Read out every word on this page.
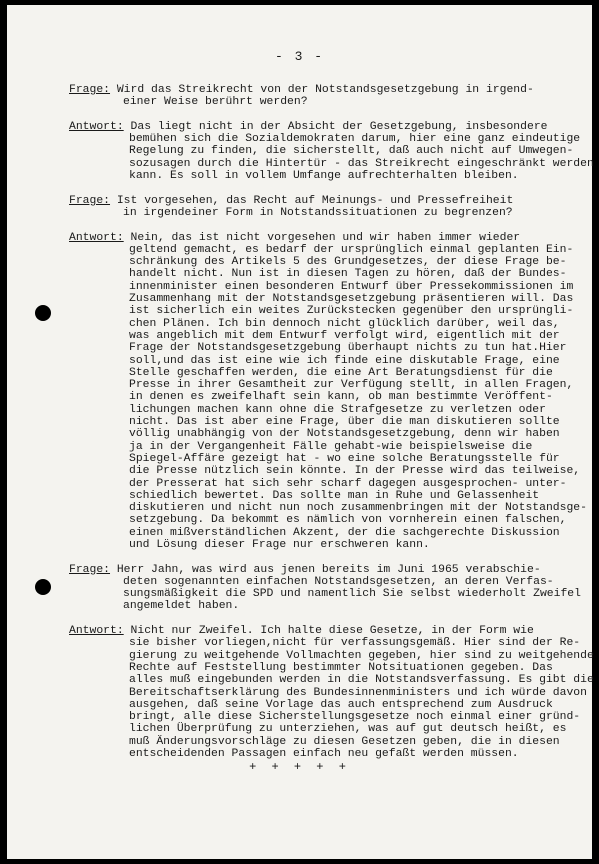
- 3 -
Frage: Wird das Streikrecht von der Notstandsgesetzgebung in irgend-
einer Weise berührt werden?
Antwort: Das liegt nicht in der Absicht der Gesetzgebung, insbesondere
bemühen sich die Sozialdemokraten darum, hier eine ganz eindeutige
Regelung zu finden, die sicherstellt, daß auch nicht auf Umwegen-
sozusagen durch die Hintertür - das Streikrecht eingeschränkt werden
kann. Es soll in vollem Umfange aufrechterhalten bleiben.
Frage: Ist vorgesehen, das Recht auf Meinungs- und Pressefreiheit
in irgendeiner Form in Notstandssituationen zu begrenzen?
Antwort: Nein, das ist nicht vorgesehen und wir haben immer wieder
geltend gemacht, es bedarf der ursprünglich einmal geplanten Ein-
schränkung des Artikels 5 des Grundgesetzes, der diese Frage be-
handelt nicht. Nun ist in diesen Tagen zu hören, daß der Bundes-
innenminister einen besonderen Entwurf über Pressekommissionen im
Zusammenhang mit der Notstandsgesetzgebung präsentieren will. Das
ist sicherlich ein weites Zurückstecken gegenüber den ursprüngli-
chen Plänen. Ich bin dennoch nicht glücklich darüber, weil das,
was angeblich mit dem Entwurf verfolgt wird, eigentlich mit der
Frage der Notstandsgesetzgebung überhaupt nichts zu tun hat.Hier
soll,und das ist eine wie ich finde eine diskutable Frage, eine
Stelle geschaffen werden, die eine Art Beratungsdienst für die
Presse in ihrer Gesamtheit zur Verfügung stellt, in allen Fragen,
in denen es zweifelhaft sein kann, ob man bestimmte Veröffent-
lichungen machen kann ohne die Strafgesetze zu verletzen oder
nicht. Das ist aber eine Frage, über die man diskutieren sollte
völlig unabhängig von der Notstandsgesetzgebung, denn wir haben
ja in der Vergangenheit Fälle gehabt-wie beispielsweise die
Spiegel-Affäre gezeigt hat - wo eine solche Beratungsstelle für
die Presse nützlich sein könnte. In der Presse wird das teilweise,
der Presserat hat sich sehr scharf dagegen ausgesprochen- unter-
schiedlich bewertet. Das sollte man in Ruhe und Gelassenheit
diskutieren und nicht nun noch zusammenbringen mit der Notstandsge-
setzgebung. Da bekommt es nämlich von vornherein einen falschen,
einen mißverständlichen Akzent, der die sachgerechte Diskussion
und Lösung dieser Frage nur erschweren kann.
Frage: Herr Jahn, was wird aus jenen bereits im Juni 1965 verabschie-
deten sogenannten einfachen Notstandsgesetzen, an deren Verfas-
sungsmäßigkeit die SPD und namentlich Sie selbst wiederholt Zweifel
angemeldet haben.
Antwort: Nicht nur Zweifel. Ich halte diese Gesetze, in der Form wie
sie bisher vorliegen,nicht für verfassungsgemäß. Hier sind der Re-
gierung zu weitgehende Vollmachten gegeben, hier sind zu weitgehende
Rechte auf Feststellung bestimmter Notsituationen gegeben. Das
alles muß eingebunden werden in die Notstandsverfassung. Es gibt die
Bereitschaftserklärung des Bundesinnenministers und ich würde davon
ausgehen, daß seine Vorlage das auch entsprechend zum Ausdruck
bringt, alle diese Sicherstellungsgesetze noch einmal einer gründ-
lichen Überprüfung zu unterziehen, was auf gut deutsch heißt, es
muß Änderungsvorschläge zu diesen Gesetzen geben, die in diesen
entscheidenden Passagen einfach neu gefaßt werden müssen.
+ + + + +
